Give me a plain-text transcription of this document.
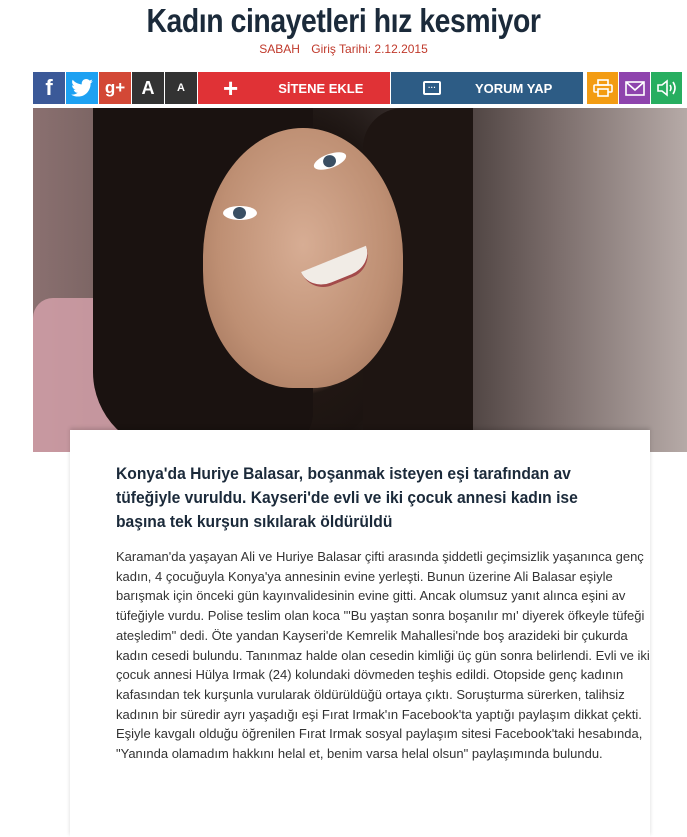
Kadın cinayetleri hız kesmiyor
SABAH Giriş Tarihi: 2.12.2015
f	g+ A A +	SİTENE EKLE	···	YORUM YAP

Konya'da Huriye Balasar, boşanmak isteyen eşi tarafından av tüfeğiyle vuruldu. Kayseri'de evli ve iki çocuk annesi kadın ise başına tek kurşun sıkılarak öldürüldü

Karaman'da yaşayan Ali ve Huriye Balasar çifti arasında şiddetli geçimsizlik yaşanınca genç kadın, 4 çocuğuyla Konya'ya annesinin evine yerleşti. Bunun üzerine Ali Balasar eşiyle barışmak için önceki gün kayınvalidesinin evine gitti. Ancak olumsuz yanıt alınca eşini av tüfeğiyle vurdu. Polise teslim olan koca "'Bu yaştan sonra boşanılır mı' diyerek öfkeyle tüfeği ateşledim" dedi. Öte yandan Kayseri'de Kemrelik Mahallesi'nde boş arazideki bir çukurda kadın cesedi bulundu. Tanınmaz halde olan cesedin kimliği üç gün sonra belirlendi. Evli ve iki çocuk annesi Hülya Irmak (24) kolundaki dövmeden teşhis edildi. Otopside genç kadının kafasından tek kurşunla vurularak öldürüldüğü ortaya çıktı. Soruşturma sürerken, talihsiz kadının bir süredir ayrı yaşadığı eşi Fırat Irmak'ın Facebook'ta yaptığı paylaşım dikkat çekti. Eşiyle kavgalı olduğu öğrenilen Fırat Irmak sosyal paylaşım sitesi Facebook'taki hesabında, "Yanında olamadım hakkını helal et, benim varsa helal olsun" paylaşımında bulundu.
